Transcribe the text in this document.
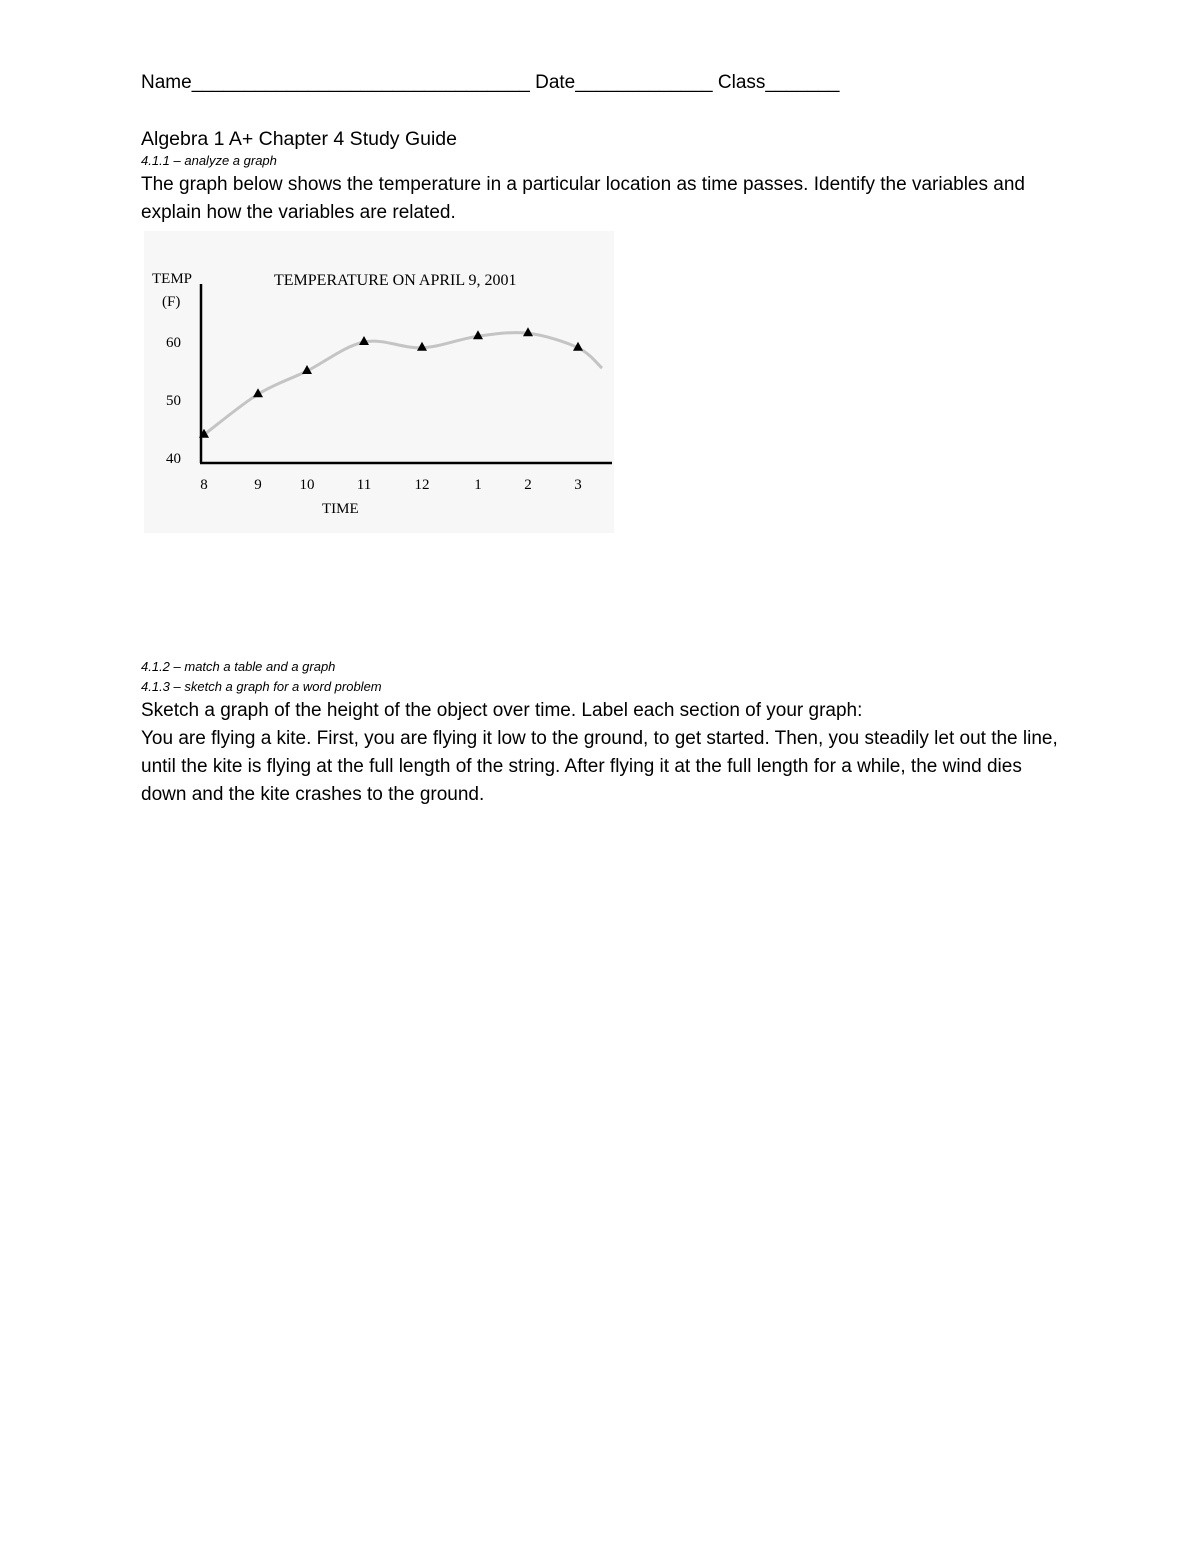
Name________________________________ Date_____________ Class_______
Algebra 1 A+ Chapter 4 Study Guide
4.1.1 – analyze a graph
The graph below shows the temperature in a particular location as time passes. Identify the variables and explain how the variables are related.
TEMPERATURE ON APRIL 9, 2001
TEMP
(F)
TIME
40
50
60
8	9	10	11	12	1	2	3
4.1.2 – match a table and a graph
4.1.3 – sketch a graph for a word problem
Sketch a graph of the height of the object over time. Label each section of your graph:
You are flying a kite. First, you are flying it low to the ground, to get started. Then, you steadily let out the line, until the kite is flying at the full length of the string. After flying it at the full length for a while, the wind dies down and the kite crashes to the ground.
